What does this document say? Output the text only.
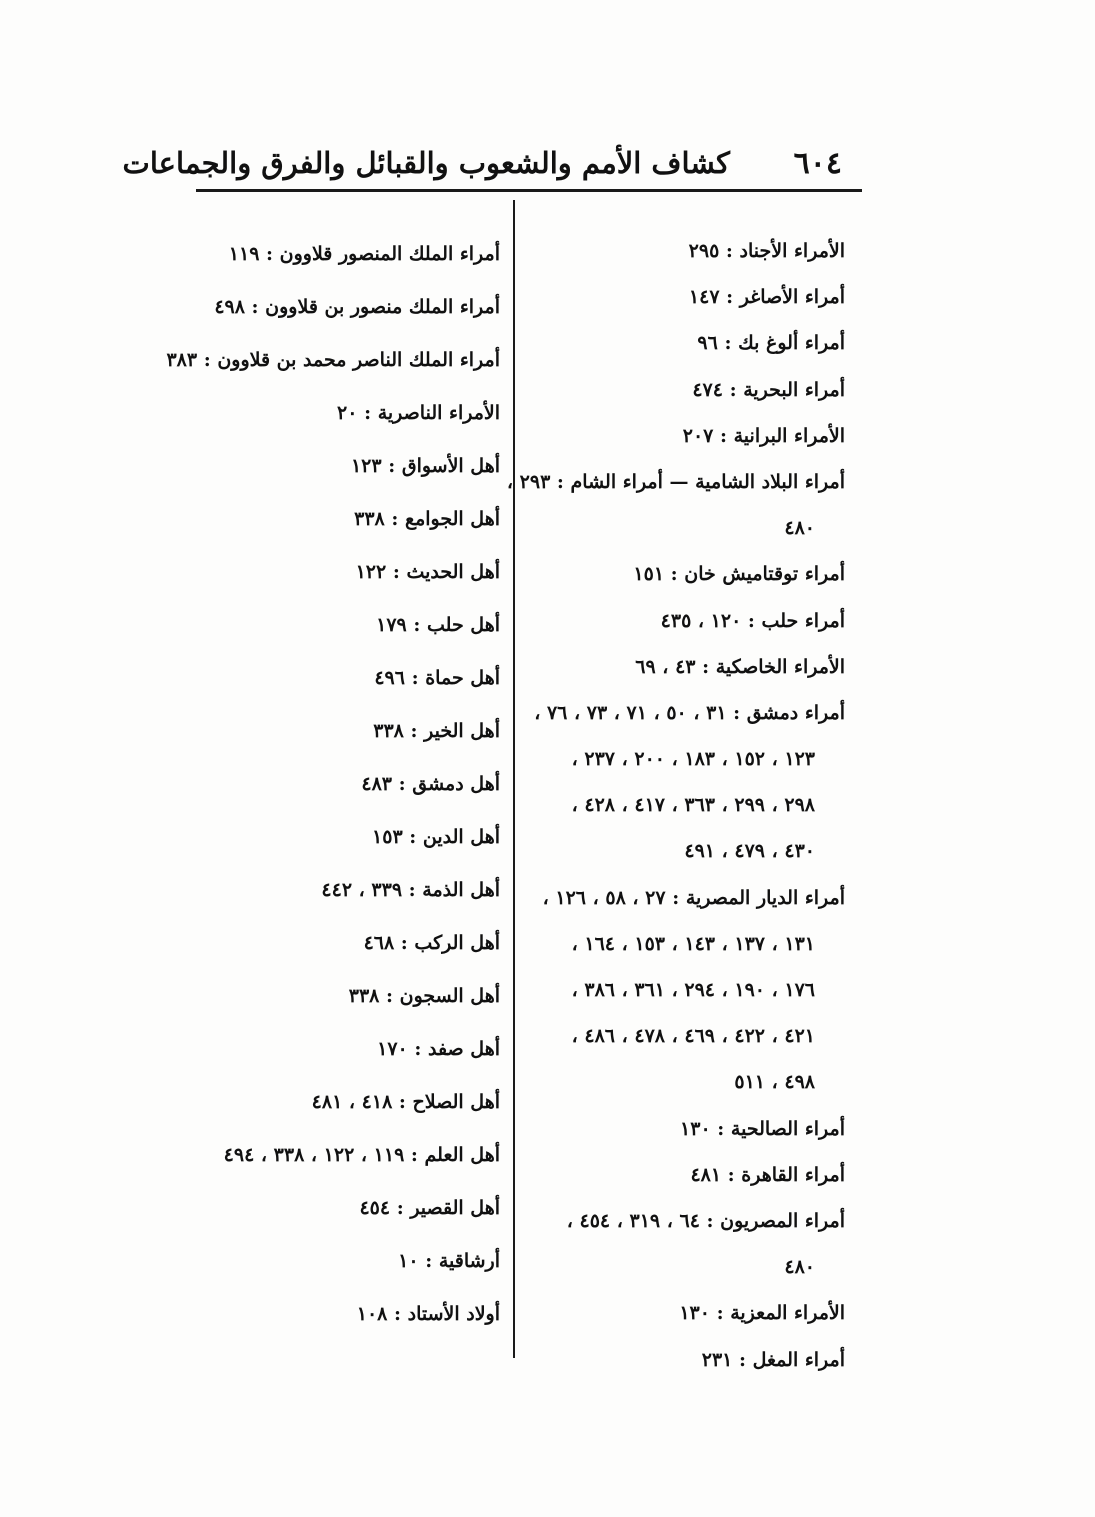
٦٠٤
كشاف الأمم والشعوب والقبائل والفرق والجماعات
الأمراء الأجناد : ٢٩٥
أمراء الأصاغر : ١٤٧
أمراء ألوغ بك : ٩٦
أمراء البحرية : ٤٧٤
الأمراء البرانية : ٢٠٧
أمراء البلاد الشامية — أمراء الشام : ٢٩٣ ،
٤٨٠
أمراء توقتاميش خان : ١٥١
أمراء حلب : ١٢٠ ، ٤٣٥
الأمراء الخاصكية : ٤٣ ، ٦٩
أمراء دمشق : ٣١ ، ٥٠ ، ٧١ ، ٧٣ ، ٧٦ ،
١٢٣ ، ١٥٢ ، ١٨٣ ، ٢٠٠ ، ٢٣٧ ،
٢٩٨ ، ٢٩٩ ، ٣٦٣ ، ٤١٧ ، ٤٢٨ ،
٤٣٠ ، ٤٧٩ ، ٤٩١
أمراء الديار المصرية : ٢٧ ، ٥٨ ، ١٢٦ ،
١٣١ ، ١٣٧ ، ١٤٣ ، ١٥٣ ، ١٦٤ ،
١٧٦ ، ١٩٠ ، ٢٩٤ ، ٣٦١ ، ٣٨٦ ،
٤٢١ ، ٤٢٢ ، ٤٦٩ ، ٤٧٨ ، ٤٨٦ ،
٤٩٨ ، ٥١١
أمراء الصالحية : ١٣٠
أمراء القاهرة : ٤٨١
أمراء المصريون : ٦٤ ، ٣١٩ ، ٤٥٤ ،
٤٨٠
الأمراء المعزية : ١٣٠
أمراء المغل : ٢٣١
أمراء الملك المنصور قلاوون : ١١٩
أمراء الملك منصور بن قلاوون : ٤٩٨
أمراء الملك الناصر محمد بن قلاوون : ٣٨٣
الأمراء الناصرية : ٢٠
أهل الأسواق : ١٢٣
أهل الجوامع : ٣٣٨
أهل الحديث : ١٢٢
أهل حلب : ١٧٩
أهل حماة : ٤٩٦
أهل الخير : ٣٣٨
أهل دمشق : ٤٨٣
أهل الدين : ١٥٣
أهل الذمة : ٣٣٩ ، ٤٤٢
أهل الركب : ٤٦٨
أهل السجون : ٣٣٨
أهل صفد : ١٧٠
أهل الصلاح : ٤١٨ ، ٤٨١
أهل العلم : ١١٩ ، ١٢٢ ، ٣٣٨ ، ٤٩٤
أهل القصير : ٤٥٤
أرشاقية : ١٠
أولاد الأستاد : ١٠٨
